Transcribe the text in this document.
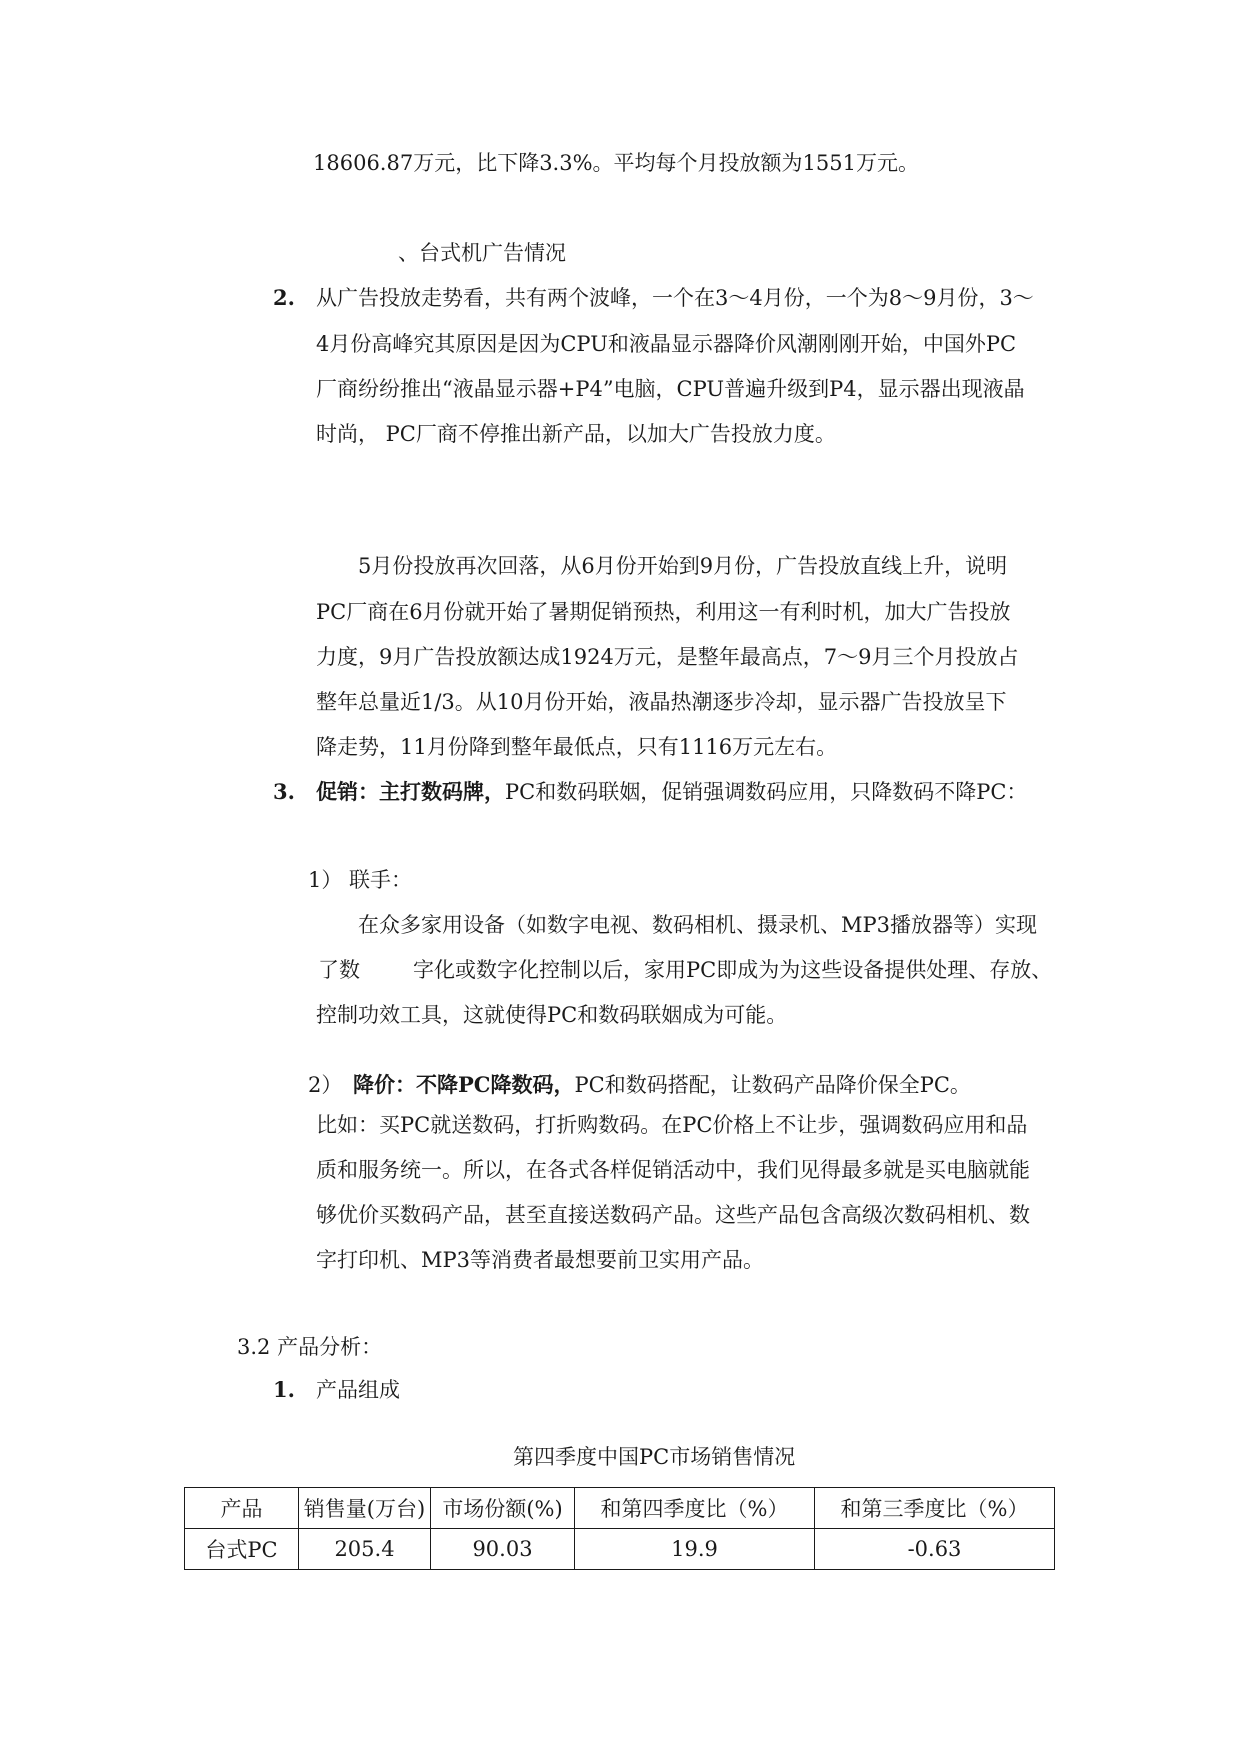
18606.87万元，比下降3.3%。平均每个月投放额为1551万元。
、台式机广告情况
2. 从广告投放走势看，共有两个波峰，一个在3～4月份，一个为8～9月份，3～
4月份高峰究其原因是因为CPU和液晶显示器降价风潮刚刚开始，中国外PC
厂商纷纷推出“液晶显示器+P4”电脑，CPU普遍升级到P4，显示器出现液晶
时尚， PC厂商不停推出新产品，以加大广告投放力度。
5月份投放再次回落，从6月份开始到9月份，广告投放直线上升，说明
PC厂商在6月份就开始了暑期促销预热，利用这一有利时机，加大广告投放
力度，9月广告投放额达成1924万元，是整年最高点，7～9月三个月投放占
整年总量近1/3。从10月份开始，液晶热潮逐步冷却，显示器广告投放呈下
降走势，11月份降到整年最低点，只有1116万元左右。
3. 促销：主打数码牌，PC和数码联姻，促销强调数码应用，只降数码不降PC：
1） 联手：
在众多家用设备（如数字电视、数码相机、摄录机、MP3播放器等）实现
了数	字化或数字化控制以后，家用PC即成为为这些设备提供处理、存放、
控制功效工具，这就使得PC和数码联姻成为可能。
2） 降价：不降PC降数码，PC和数码搭配，让数码产品降价保全PC。
比如：买PC就送数码，打折购数码。在PC价格上不让步，强调数码应用和品
质和服务统一。所以，在各式各样促销活动中，我们见得最多就是买电脑就能
够优价买数码产品，甚至直接送数码产品。这些产品包含高级次数码相机、数
字打印机、MP3等消费者最想要前卫实用产品。
3.2 产品分析：
1. 产品组成
第四季度中国PC市场销售情况
产品	销售量(万台)	市场份额(%)	和第四季度比（%）	和第三季度比（%）
台式PC	205.4	90.03	19.9	-0.63
